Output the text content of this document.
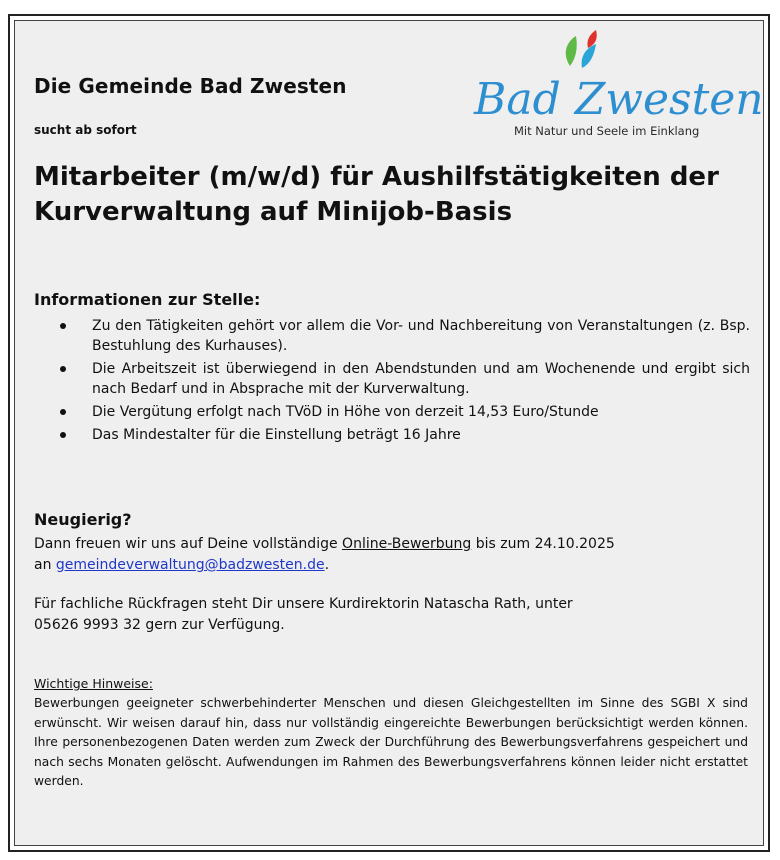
Die Gemeinde Bad Zwesten
sucht ab sofort
Mitarbeiter (m/w/d) für Aushilfstätigkeiten der Kurverwaltung auf Minijob-Basis
Bad Zwesten
Mit Natur und Seele im Einklang
Informationen zur Stelle:
Zu den Tätigkeiten gehört vor allem die Vor- und Nachbereitung von Veranstaltungen (z. Bsp. Bestuhlung des Kurhauses).
Die Arbeitszeit ist überwiegend in den Abendstunden und am Wochenende und ergibt sich nach Bedarf und in Absprache mit der Kurverwaltung.
Die Vergütung erfolgt nach TVöD in Höhe von derzeit 14,53 Euro/Stunde
Das Mindestalter für die Einstellung beträgt 16 Jahre
Neugierig?
Dann freuen wir uns auf Deine vollständige Online-Bewerbung bis zum 24.10.2025
an gemeindeverwaltung@badzwesten.de.
Für fachliche Rückfragen steht Dir unsere Kurdirektorin Natascha Rath, unter
05626 9993 32 gern zur Verfügung.
Wichtige Hinweise:
Bewerbungen geeigneter schwerbehinderter Menschen und diesen Gleichgestellten im Sinne des SGBI X sind erwünscht. Wir weisen darauf hin, dass nur vollständig eingereichte Bewerbungen berücksichtigt werden können. Ihre personenbezogenen Daten werden zum Zweck der Durchführung des Bewerbungsverfahrens gespeichert und nach sechs Monaten gelöscht. Aufwendungen im Rahmen des Bewerbungsverfahrens können leider nicht erstattet werden.
